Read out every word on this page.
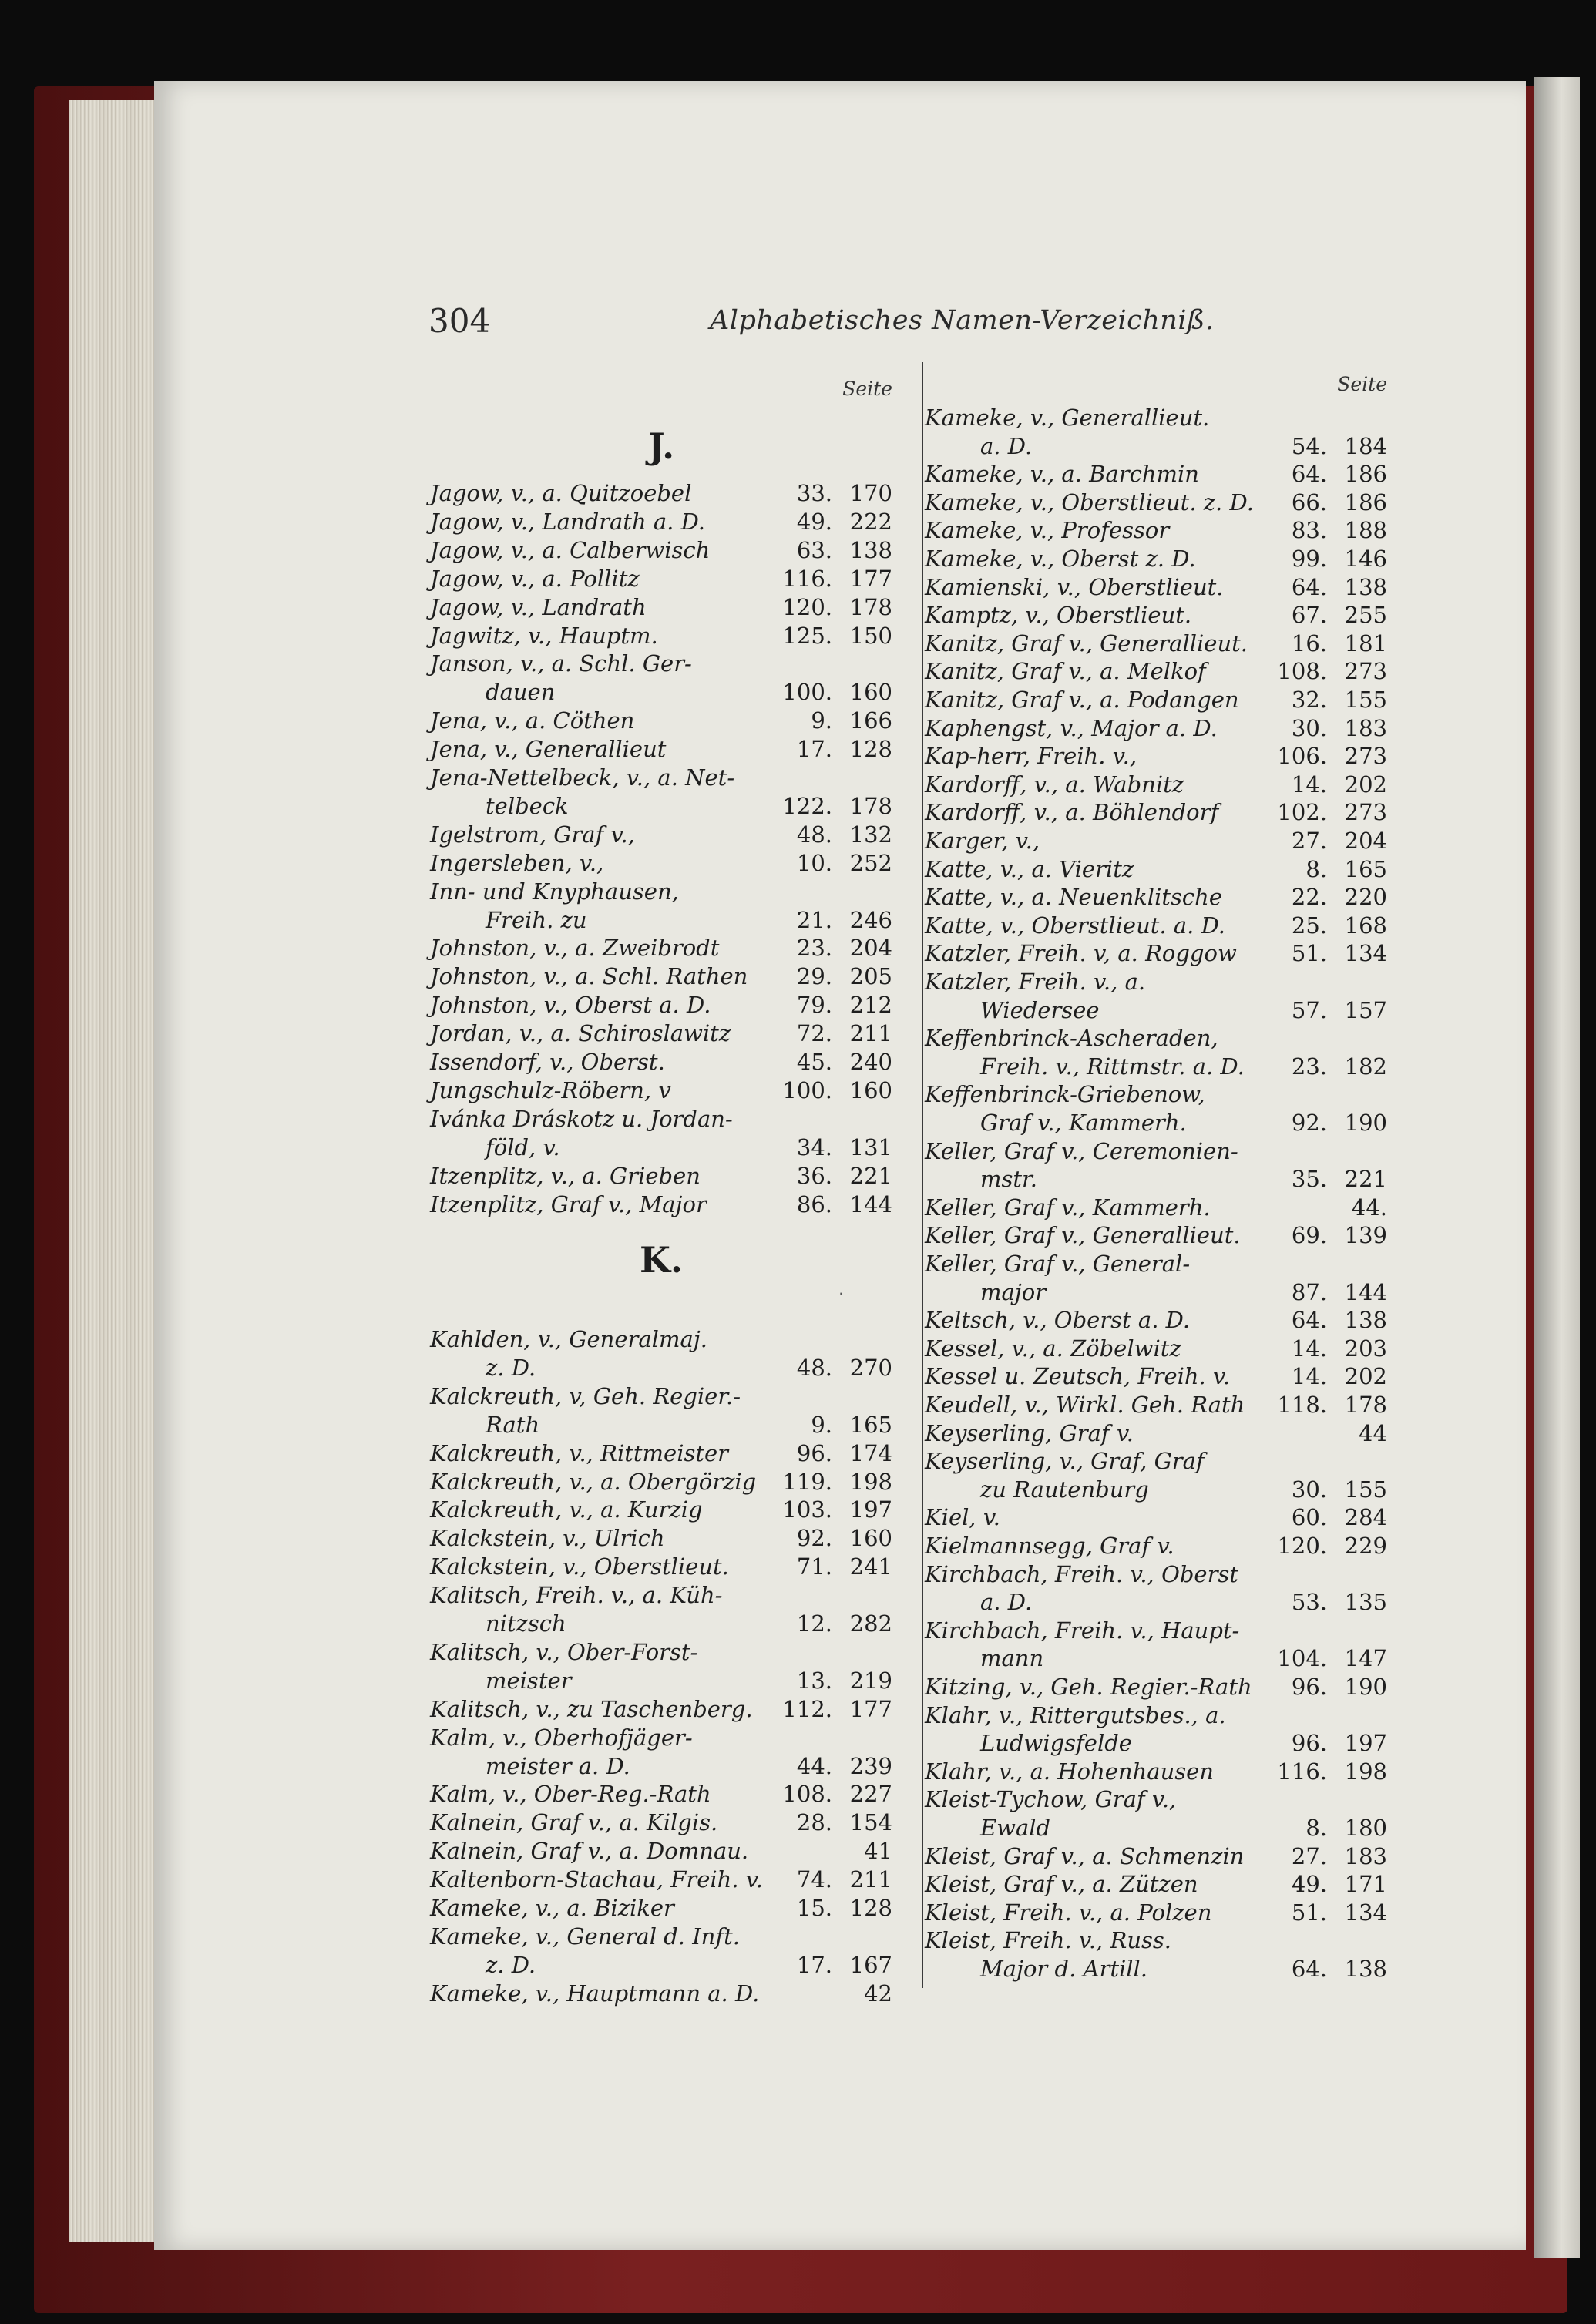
304	Alphabetisches Namen-Verzeichniß.
Seite
J.
Jagow, v., a. Quitzoebel	33. 170
Jagow, v., Landrath a. D.	49. 222
Jagow, v., a. Calberwisch	63. 138
Jagow, v., a. Pollitz	116. 177
Jagow, v., Landrath	120. 178
Jagwitz, v., Hauptm.	125. 150
Janson, v., a. Schl. Ger-
dauen	100. 160
Jena, v., a. Cöthen	9. 166
Jena, v., Generallieut	17. 128
Jena-Nettelbeck, v., a. Net-
telbeck	122. 178
Igelstrom, Graf v.,	48. 132
Ingersleben, v.,	10. 252
Inn- und Knyphausen,
Freih. zu	21. 246
Johnston, v., a. Zweibrodt	23. 204
Johnston, v., a. Schl. Rathen	29. 205
Johnston, v., Oberst a. D.	79. 212
Jordan, v., a. Schiroslawitz	72. 211
Issendorf, v., Oberst.	45. 240
Jungschulz-Röbern, v	100. 160
Ivánka Dráskotz u. Jordan-
föld, v.	34. 131
Itzenplitz, v., a. Grieben	36. 221
Itzenplitz, Graf v., Major	86. 144
K.
Kahlden, v., Generalmaj.
z. D.	48. 270
Kalckreuth, v, Geh. Regier.-
Rath	9. 165
Kalckreuth, v., Rittmeister	96. 174
Kalckreuth, v., a. Obergörzig	119. 198
Kalckreuth, v., a. Kurzig	103. 197
Kalckstein, v., Ulrich	92. 160
Kalckstein, v., Oberstlieut.	71. 241
Kalitsch, Freih. v., a. Küh-
nitzsch	12. 282
Kalitsch, v., Ober-Forst-
meister	13. 219
Kalitsch, v., zu Taschenberg.	112. 177
Kalm, v., Oberhofjäger-
meister a. D.	44. 239
Kalm, v., Ober-Reg.-Rath	108. 227
Kalnein, Graf v., a. Kilgis.	28. 154
Kalnein, Graf v., a. Domnau.	41
Kaltenborn-Stachau, Freih. v.	74. 211
Kameke, v., a. Biziker	15. 128
Kameke, v., General d. Inft.
z. D.	17. 167
Kameke, v., Hauptmann a. D.	42
Seite
Kameke, v., Generallieut.
a. D.	54. 184
Kameke, v., a. Barchmin	64. 186
Kameke, v., Oberstlieut. z. D.	66. 186
Kameke, v., Professor	83. 188
Kameke, v., Oberst z. D.	99. 146
Kamienski, v., Oberstlieut.	64. 138
Kamptz, v., Oberstlieut.	67. 255
Kanitz, Graf v., Generallieut.	16. 181
Kanitz, Graf v., a. Melkof	108. 273
Kanitz, Graf v., a. Podangen	32. 155
Kaphengst, v., Major a. D.	30. 183
Kap-herr, Freih. v.,	106. 273
Kardorff, v., a. Wabnitz	14. 202
Kardorff, v., a. Böhlendorf	102. 273
Karger, v.,	27. 204
Katte, v., a. Vieritz	8. 165
Katte, v., a. Neuenklitsche	22. 220
Katte, v., Oberstlieut. a. D.	25. 168
Katzler, Freih. v, a. Roggow	51. 134
Katzler, Freih. v., a.
Wiedersee	57. 157
Keffenbrinck-Ascheraden,
Freih. v., Rittmstr. a. D.	23. 182
Keffenbrinck-Griebenow,
Graf v., Kammerh.	92. 190
Keller, Graf v., Ceremonien-
mstr.	35. 221
Keller, Graf v., Kammerh.	44.
Keller, Graf v., Generallieut.	69. 139
Keller, Graf v., General-
major	87. 144
Keltsch, v., Oberst a. D.	64. 138
Kessel, v., a. Zöbelwitz	14. 203
Kessel u. Zeutsch, Freih. v.	14. 202
Keudell, v., Wirkl. Geh. Rath	118. 178
Keyserling, Graf v.	44
Keyserling, v., Graf, Graf
zu Rautenburg	30. 155
Kiel, v.	60. 284
Kielmannsegg, Graf v.	120. 229
Kirchbach, Freih. v., Oberst
a. D.	53. 135
Kirchbach, Freih. v., Haupt-
mann	104. 147
Kitzing, v., Geh. Regier.-Rath	96. 190
Klahr, v., Rittergutsbes., a.
Ludwigsfelde	96. 197
Klahr, v., a. Hohenhausen	116. 198
Kleist-Tychow, Graf v.,
Ewald	8. 180
Kleist, Graf v., a. Schmenzin	27. 183
Kleist, Graf v., a. Zützen	49. 171
Kleist, Freih. v., a. Polzen	51. 134
Kleist, Freih. v., Russ.
Major d. Artill.	64. 138
‧
